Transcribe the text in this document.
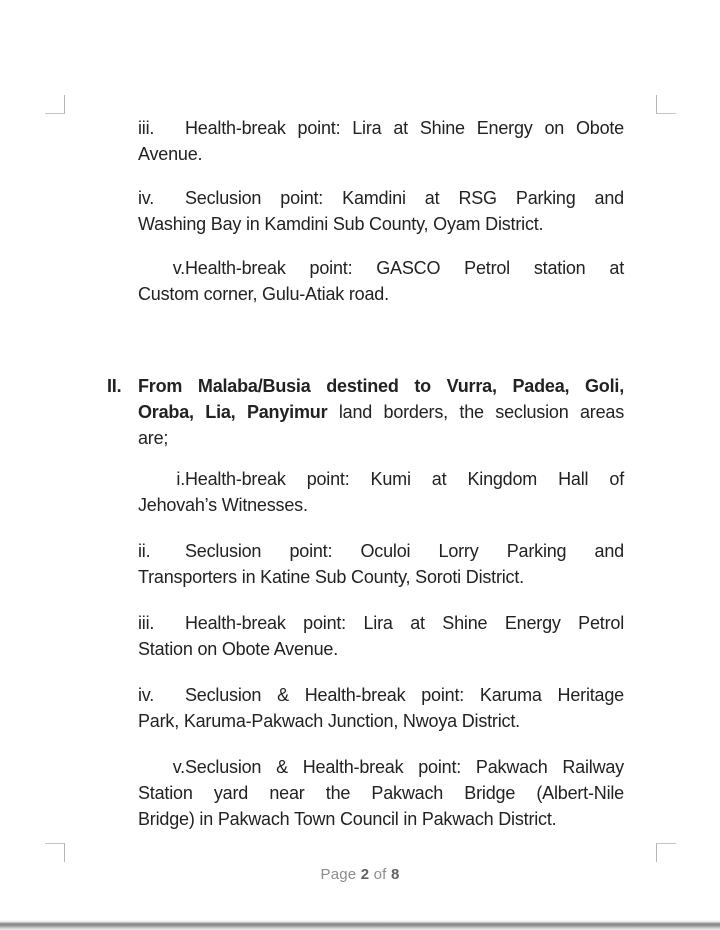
iii. Health-break point: Lira at Shine Energy on Obote
Avenue.
iv. Seclusion point: Kamdini at RSG Parking and
Washing Bay in Kamdini Sub County, Oyam District.
v.Health-break point: GASCO Petrol station at
Custom corner, Gulu-Atiak road.
II. From Malaba/Busia destined to Vurra, Padea, Goli,
Oraba, Lia, Panyimur land borders, the seclusion areas
are;
i.Health-break point: Kumi at Kingdom Hall of
Jehovah’s Witnesses.
ii. Seclusion point: Oculoi Lorry Parking and
Transporters in Katine Sub County, Soroti District.
iii. Health-break point: Lira at Shine Energy Petrol
Station on Obote Avenue.
iv. Seclusion & Health-break point: Karuma Heritage
Park, Karuma-Pakwach Junction, Nwoya District.
v.Seclusion & Health-break point: Pakwach Railway
Station yard near the Pakwach Bridge (Albert-Nile
Bridge) in Pakwach Town Council in Pakwach District.
Page 2 of 8
